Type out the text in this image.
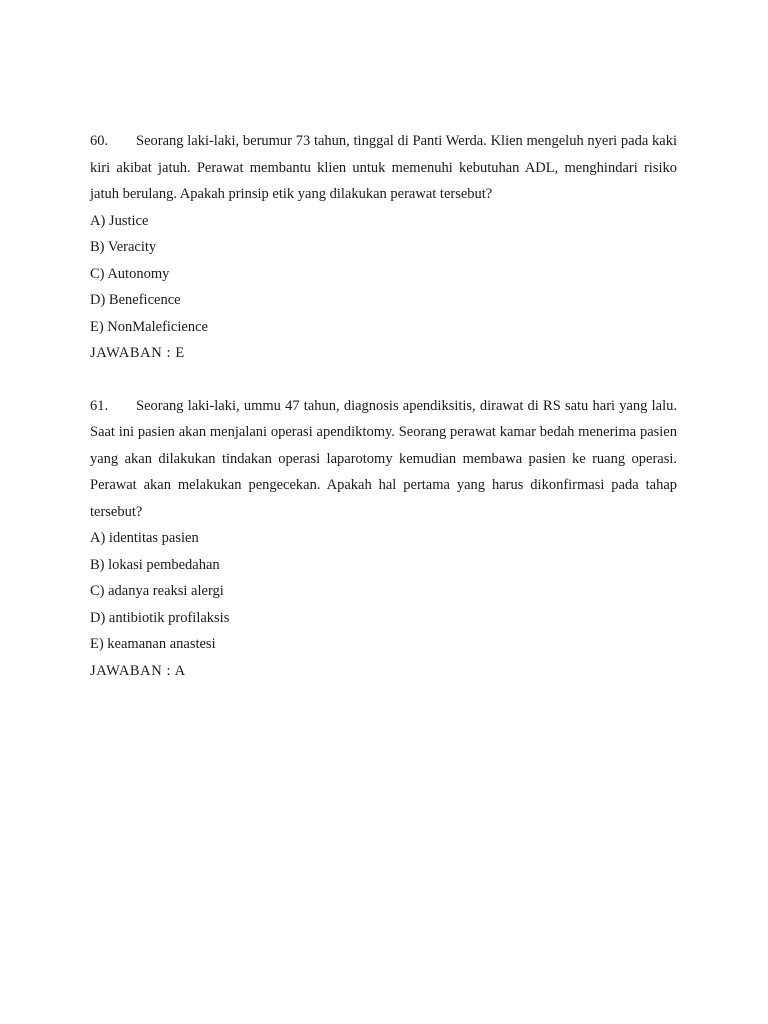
60. Seorang laki-laki, berumur 73 tahun, tinggal di Panti Werda. Klien mengeluh nyeri pada kaki kiri akibat jatuh. Perawat membantu klien untuk memenuhi kebutuhan ADL, menghindari risiko jatuh berulang. Apakah prinsip etik yang dilakukan perawat tersebut?

A) Justice

B) Veracity

C) Autonomy

D) Beneficence

E) NonMaleficience

JAWABAN : E

61. Seorang laki-laki, ummu 47 tahun, diagnosis apendiksitis, dirawat di RS satu hari yang lalu. Saat ini pasien akan menjalani operasi apendiktomy. Seorang perawat kamar bedah menerima pasien yang akan dilakukan tindakan operasi laparotomy kemudian membawa pasien ke ruang operasi. Perawat akan melakukan pengecekan. Apakah hal pertama yang harus dikonfirmasi pada tahap tersebut?

A) identitas pasien

B) lokasi pembedahan

C) adanya reaksi alergi

D) antibiotik profilaksis

E) keamanan anastesi

JAWABAN : A
